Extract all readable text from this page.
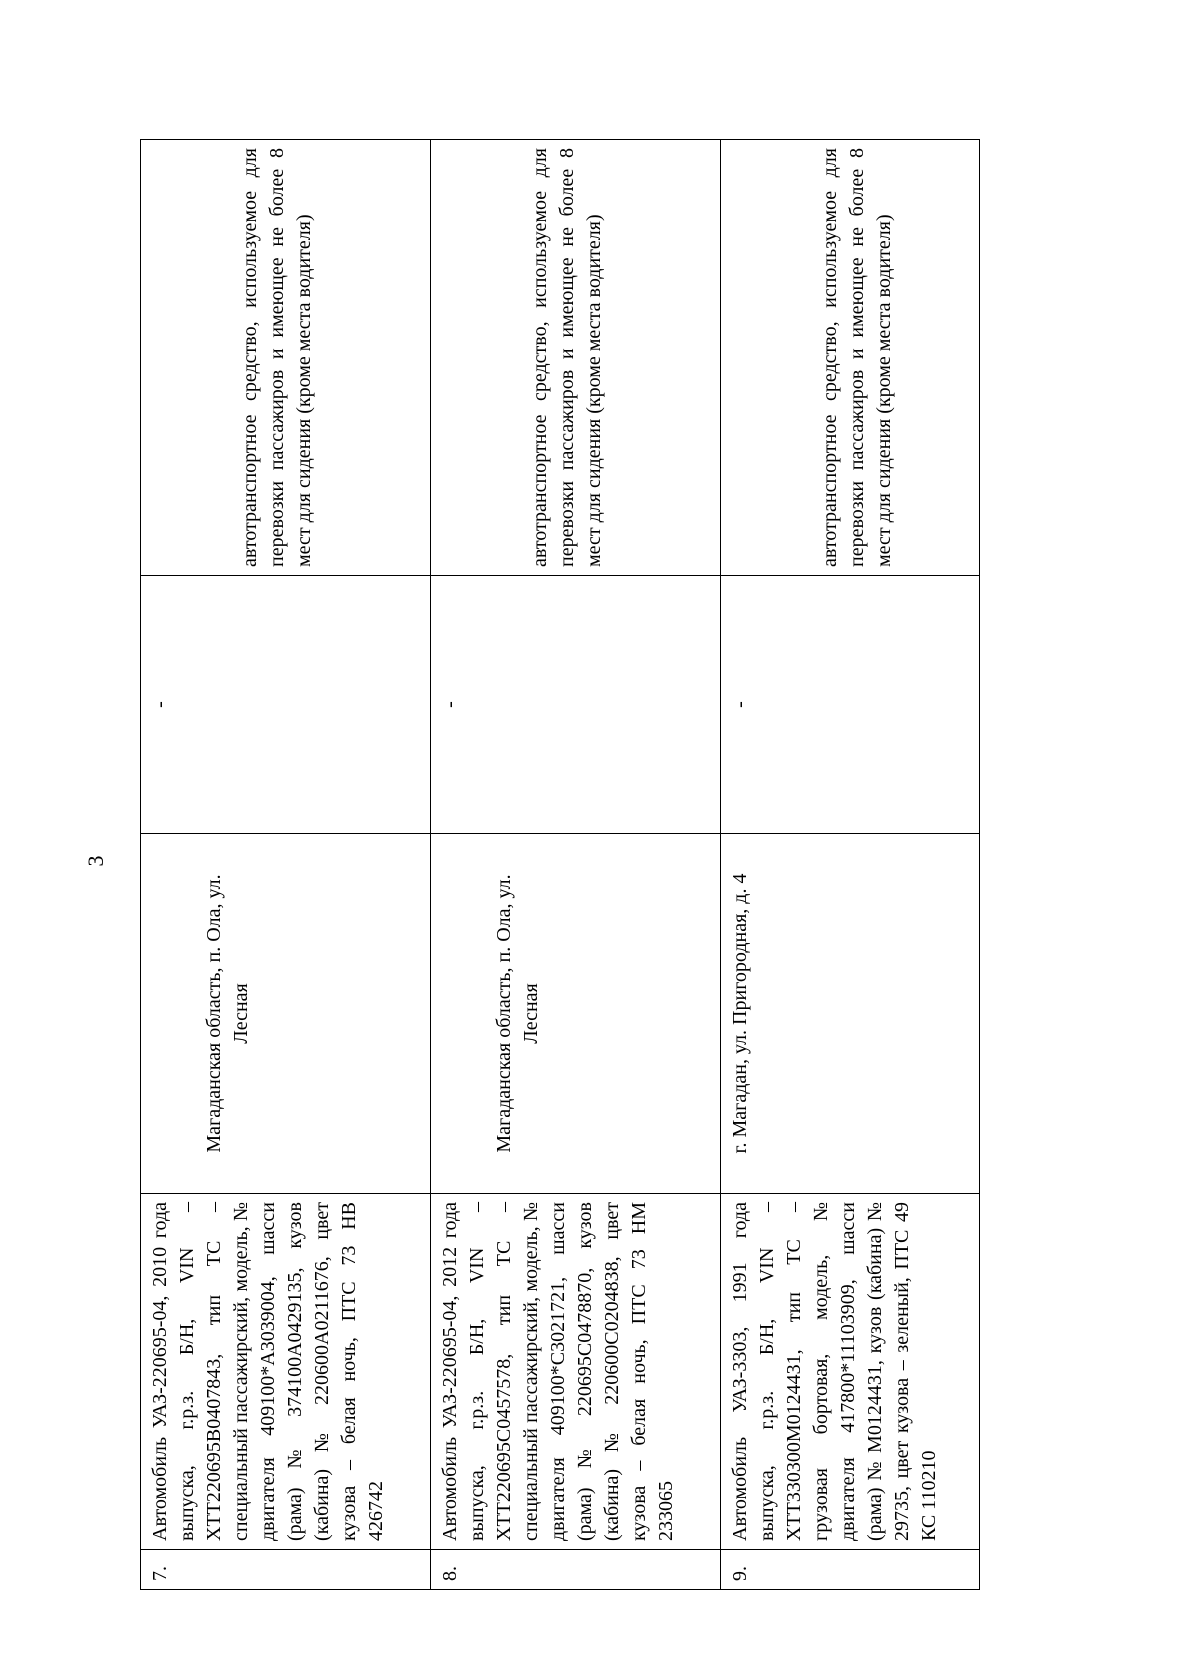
3
7.	Автомобиль УАЗ-220695-04, 2010 года выпуска, г.р.з. Б/Н, VIN – ХТТ220695В0407843, тип ТС – специальный пассажирский, модель, № двигателя 409100*А3039004, шасси (рама) № 374100А0429135, кузов (кабина) № 220600А0211676, цвет кузова – белая ночь, ПТС 73 НВ 426742	Магаданская область, п. Ола, ул. Лесная	-	автотранспортное средство, используемое для перевозки пассажиров и имеющее не более 8 мест для сидения (кроме места водителя)

8.	Автомобиль УАЗ-220695-04, 2012 года выпуска, г.р.з. Б/Н, VIN – ХТТ220695С0457578, тип ТС – специальный пассажирский, модель, № двигателя 409100*С3021721, шасси (рама) № 220695С0478870, кузов (кабина) № 220600С0204838, цвет кузова – белая ночь, ПТС 73 НМ 233065	Магаданская область, п. Ола, ул. Лесная	-	автотранспортное средство, используемое для перевозки пассажиров и имеющее не более 8 мест для сидения (кроме места водителя)

9.	Автомобиль УАЗ-3303, 1991 года выпуска, г.р.з. Б/Н, VIN – ХТТ330300М0124431, тип ТС – грузовая бортовая, модель, № двигателя 417800*11103909, шасси (рама) № М0124431, кузов (кабина) № 29735, цвет кузова – зеленый, ПТС 49 КС 110210	г. Магадан, ул. Пригородная, д. 4	-	автотранспортное средство, используемое для перевозки пассажиров и имеющее не более 8 мест для сидения (кроме места водителя)
